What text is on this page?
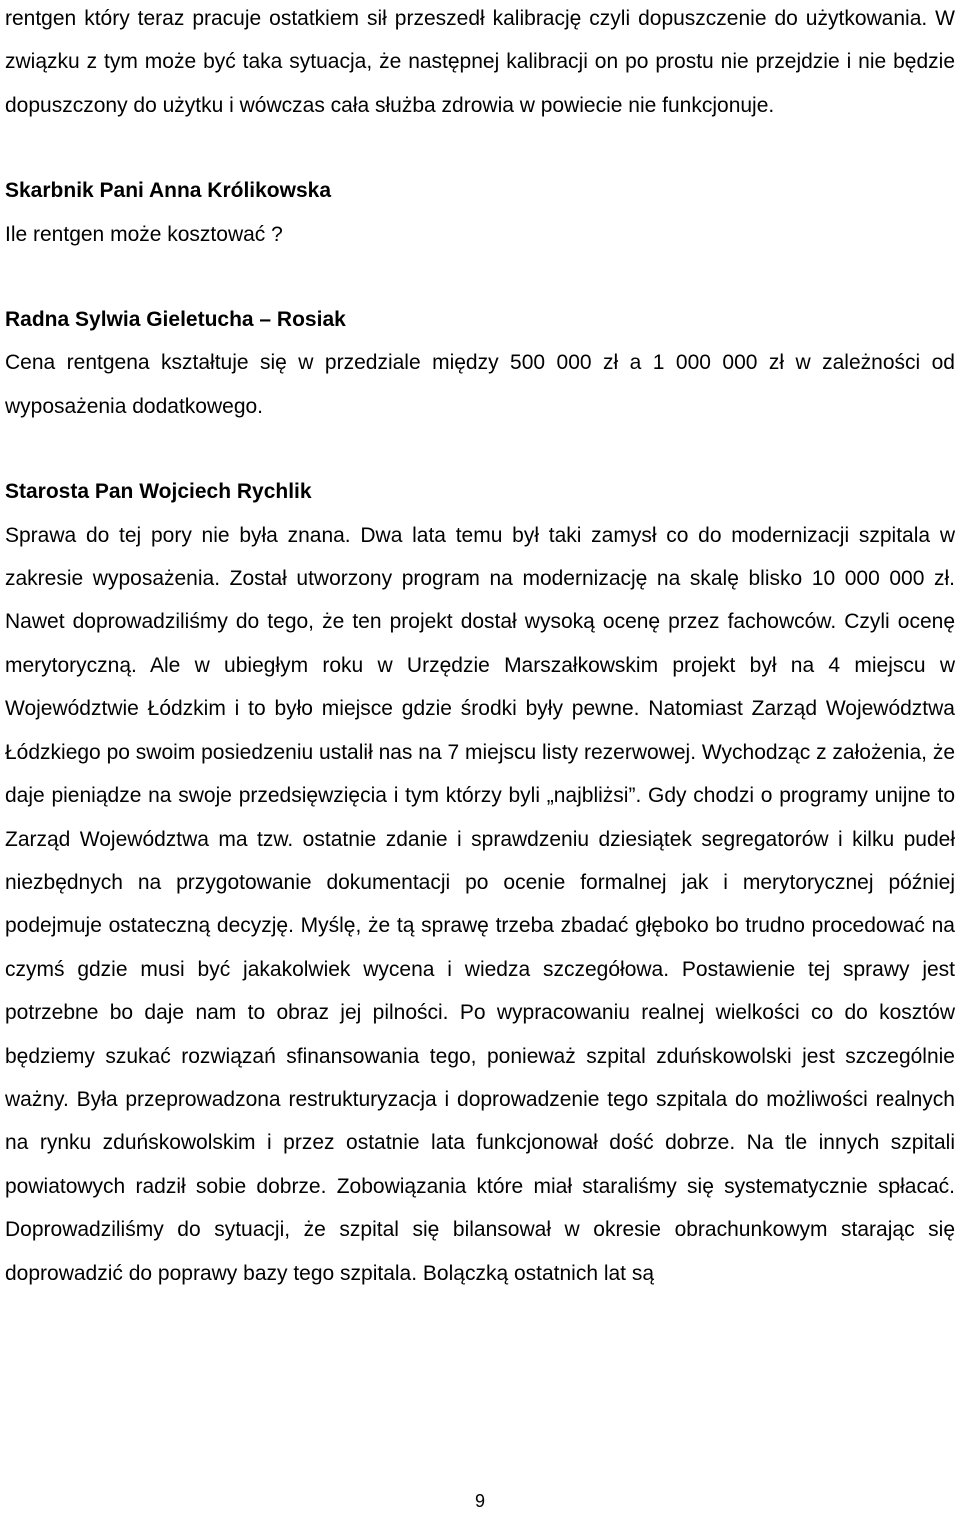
rentgen który teraz pracuje ostatkiem sił przeszedł kalibrację czyli dopuszczenie do użytkowania. W związku z tym może być taka sytuacja, że następnej kalibracji on po prostu nie przejdzie i nie będzie dopuszczony do użytku i wówczas cała służba zdrowia w powiecie nie funkcjonuje.

Skarbnik Pani Anna Królikowska

Ile rentgen może kosztować ?

Radna Sylwia Gieletucha – Rosiak

Cena rentgena kształtuje się w przedziale między 500 000 zł a 1 000 000 zł w zależności od wyposażenia dodatkowego.

Starosta Pan Wojciech Rychlik

Sprawa do tej pory nie była znana. Dwa lata temu był taki zamysł co do modernizacji szpitala w zakresie wyposażenia. Został utworzony program na modernizację na skalę blisko 10 000 000 zł. Nawet doprowadziliśmy do tego, że ten projekt dostał wysoką ocenę przez fachowców. Czyli ocenę merytoryczną. Ale w ubiegłym roku w Urzędzie Marszałkowskim projekt był na 4 miejscu w Województwie Łódzkim i to było miejsce gdzie środki były pewne. Natomiast Zarząd Województwa Łódzkiego po swoim posiedzeniu ustalił nas na 7 miejscu listy rezerwowej. Wychodząc z założenia, że daje pieniądze na swoje przedsięwzięcia i tym którzy byli „najbliżsi”. Gdy chodzi o programy unijne to Zarząd Województwa ma tzw. ostatnie zdanie i sprawdzeniu dziesiątek segregatorów i kilku pudeł niezbędnych na przygotowanie dokumentacji po ocenie formalnej jak i merytorycznej później podejmuje ostateczną decyzję. Myślę, że tą sprawę trzeba zbadać głęboko bo trudno procedować na czymś gdzie musi być jakakolwiek wycena i wiedza szczegółowa. Postawienie tej sprawy jest potrzebne bo daje nam to obraz jej pilności. Po wypracowaniu realnej wielkości co do kosztów będziemy szukać rozwiązań sfinansowania tego, ponieważ szpital zduńskowolski jest szczególnie ważny. Była przeprowadzona restrukturyzacja i doprowadzenie tego szpitala do możliwości realnych na rynku zduńskowolskim i przez ostatnie lata funkcjonował dość dobrze. Na tle innych szpitali powiatowych radził sobie dobrze. Zobowiązania które miał staraliśmy się systematycznie spłacać. Doprowadziliśmy do sytuacji, że szpital się bilansował w okresie obrachunkowym starając się doprowadzić do poprawy bazy tego szpitala. Bolączką ostatnich lat są

9
